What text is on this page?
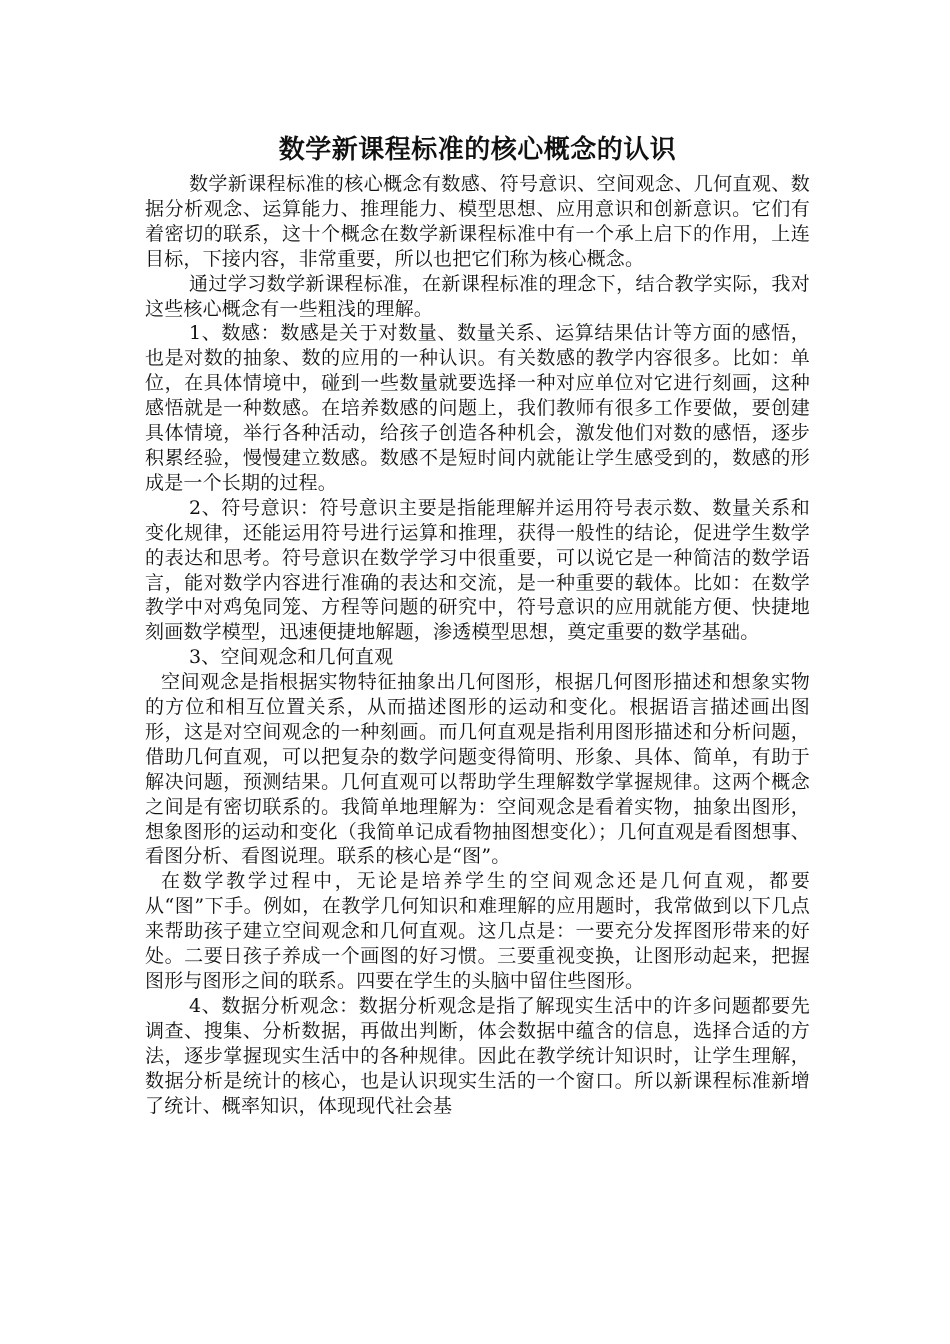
数学新课程标准的核心概念的认识

数学新课程标准的核心概念有数感、符号意识、空间观念、几何直观、数据分析观念、运算能力、推理能力、模型思想、应用意识和创新意识。它们有着密切的联系，这十个概念在数学新课程标准中有一个承上启下的作用，上连目标，下接内容，非常重要，所以也把它们称为核心概念。

通过学习数学新课程标准，在新课程标准的理念下，结合教学实际，我对这些核心概念有一些粗浅的理解。

1、数感：数感是关于对数量、数量关系、运算结果估计等方面的感悟，也是对数的抽象、数的应用的一种认识。有关数感的教学内容很多。比如：单位，在具体情境中，碰到一些数量就要选择一种对应单位对它进行刻画，这种感悟就是一种数感。在培养数感的问题上，我们教师有很多工作要做，要创建具体情境，举行各种活动，给孩子创造各种机会，激发他们对数的感悟，逐步积累经验，慢慢建立数感。数感不是短时间内就能让学生感受到的，数感的形成是一个长期的过程。

2、符号意识：符号意识主要是指能理解并运用符号表示数、数量关系和变化规律，还能运用符号进行运算和推理，获得一般性的结论，促进学生数学的表达和思考。符号意识在数学学习中很重要，可以说它是一种简洁的数学语言，能对数学内容进行准确的表达和交流，是一种重要的载体。比如：在数学教学中对鸡兔同笼、方程等问题的研究中，符号意识的应用就能方便、快捷地刻画数学模型，迅速便捷地解题，渗透模型思想，奠定重要的数学基础。

3、空间观念和几何直观

空间观念是指根据实物特征抽象出几何图形，根据几何图形描述和想象实物的方位和相互位置关系，从而描述图形的运动和变化。根据语言描述画出图形，这是对空间观念的一种刻画。而几何直观是指利用图形描述和分析问题，借助几何直观，可以把复杂的数学问题变得简明、形象、具体、简单，有助于解决问题，预测结果。几何直观可以帮助学生理解数学掌握规律。这两个概念之间是有密切联系的。我简单地理解为：空间观念是看着实物，抽象出图形，想象图形的运动和变化（我简单记成看物抽图想变化）；几何直观是看图想事、看图分析、看图说理。联系的核心是“图”。

在数学教学过程中，无论是培养学生的空间观念还是几何直观，都要从“图”下手。例如，在教学几何知识和难理解的应用题时，我常做到以下几点来帮助孩子建立空间观念和几何直观。这几点是：一要充分发挥图形带来的好处。二要日孩子养成一个画图的好习惯。三要重视变换，让图形动起来，把握图形与图形之间的联系。四要在学生的头脑中留住些图形。

4、数据分析观念：数据分析观念是指了解现实生活中的许多问题都要先调查、搜集、分析数据，再做出判断，体会数据中蕴含的信息，选择合适的方法，逐步掌握现实生活中的各种规律。因此在教学统计知识时，让学生理解，数据分析是统计的核心，也是认识现实生活的一个窗口。所以新课程标准新增了统计、概率知识，体现现代社会基
